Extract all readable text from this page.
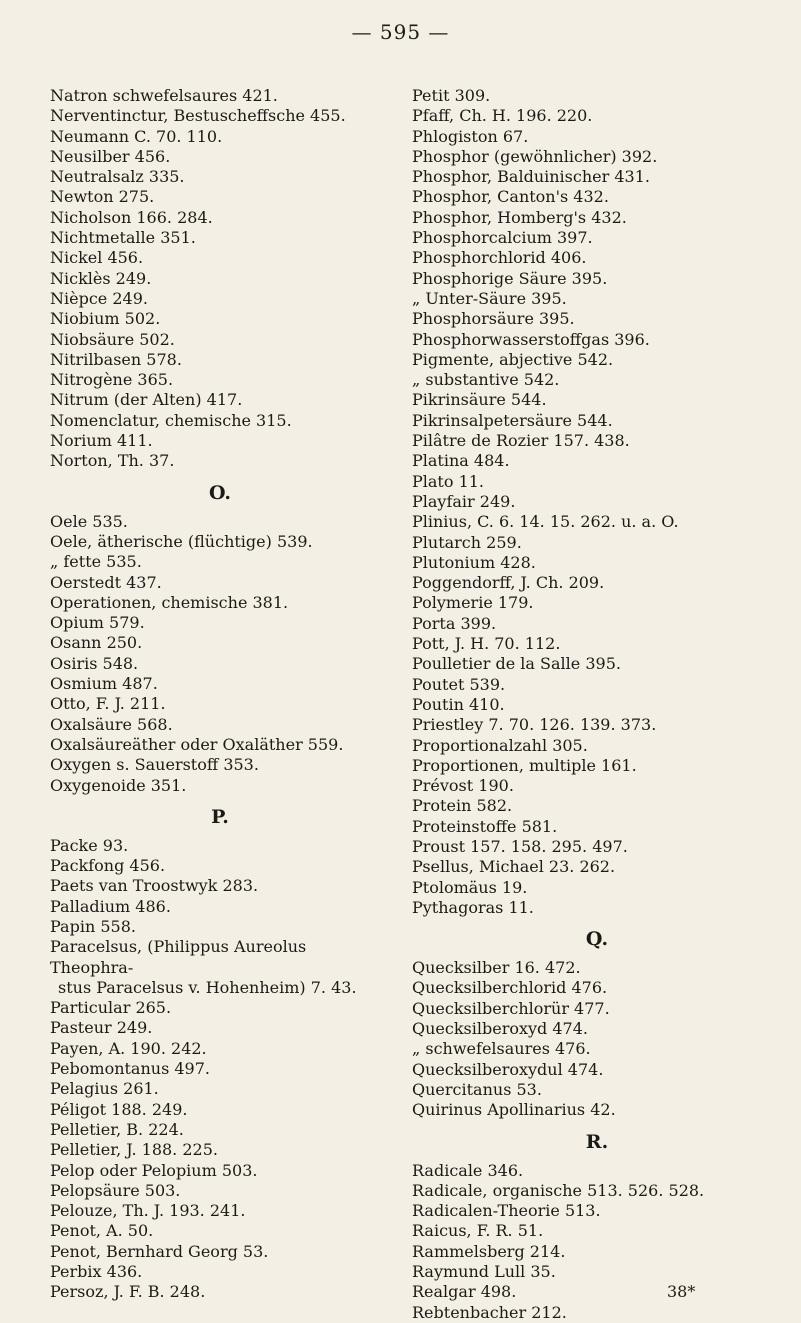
— 595 —

Natron schwefelsaures 421.

Nerventinctur, Bestuscheffsche 455.

Neumann C. 70. 110.

Neusilber 456.

Neutralsalz 335.

Newton 275.

Nicholson 166. 284.

Nichtmetalle 351.

Nickel 456.

Nicklès 249.

Nièpce 249.

Niobium 502.

Niobsäure 502.

Nitrilbasen 578.

Nitrogène 365.

Nitrum (der Alten) 417.

Nomenclatur, chemische 315.

Norium 411.

Norton, Th. 37.

O.

Oele 535.

Oele, ätherische (flüchtige) 539.

„ fette 535.

Oerstedt 437.

Operationen, chemische 381.

Opium 579.

Osann 250.

Osiris 548.

Osmium 487.

Otto, F. J. 211.

Oxalsäure 568.

Oxalsäureäther oder Oxaläther 559.

Oxygen s. Sauerstoff 353.

Oxygenoide 351.

P.

Packe 93.

Packfong 456.

Paets van Troostwyk 283.

Palladium 486.

Papin 558.

Paracelsus, (Philippus Aureolus Theophra-
stus Paracelsus v. Hohenheim) 7. 43.

Particular 265.

Pasteur 249.

Payen, A. 190. 242.

Pebomontanus 497.

Pelagius 261.

Péligot 188. 249.

Pelletier, B. 224.

Pelletier, J. 188. 225.

Pelop oder Pelopium 503.

Pelopsäure 503.

Pelouze, Th. J. 193. 241.

Penot, A. 50.

Penot, Bernhard Georg 53.

Perbix 436.

Persoz, J. F. B. 248.

Petit 309.

Pfaff, Ch. H. 196. 220.

Phlogiston 67.

Phosphor (gewöhnlicher) 392.

Phosphor, Balduinischer 431.

Phosphor, Canton's 432.

Phosphor, Homberg's 432.

Phosphorcalcium 397.

Phosphorchlorid 406.

Phosphorige Säure 395.

„ Unter-Säure 395.

Phosphorsäure 395.

Phosphorwasserstoffgas 396.

Pigmente, abjective 542.

„ substantive 542.

Pikrinsäure 544.

Pikrinsalpetersäure 544.

Pilâtre de Rozier 157. 438.

Platina 484.

Plato 11.

Playfair 249.

Plinius, C. 6. 14. 15. 262. u. a. O.

Plutarch 259.

Plutonium 428.

Poggendorff, J. Ch. 209.

Polymerie 179.

Porta 399.

Pott, J. H. 70. 112.

Poulletier de la Salle 395.

Poutet 539.

Poutin 410.

Priestley 7. 70. 126. 139. 373.

Proportionalzahl 305.

Proportionen, multiple 161.

Prévost 190.

Protein 582.

Proteinstoffe 581.

Proust 157. 158. 295. 497.

Psellus, Michael 23. 262.

Ptolomäus 19.

Pythagoras 11.

Q.

Quecksilber 16. 472.

Quecksilberchlorid 476.

Quecksilberchlorür 477.

Quecksilberoxyd 474.

„ schwefelsaures 476.

Quecksilberoxydul 474.

Quercitanus 53.

Quirinus Apollinarius 42.

R.

Radicale 346.

Radicale, organische 513. 526. 528.

Radicalen-Theorie 513.

Raicus, F. R. 51.

Rammelsberg 214.

Raymund Lull 35.

Realgar 498.

Rebtenbacher 212.

38*
